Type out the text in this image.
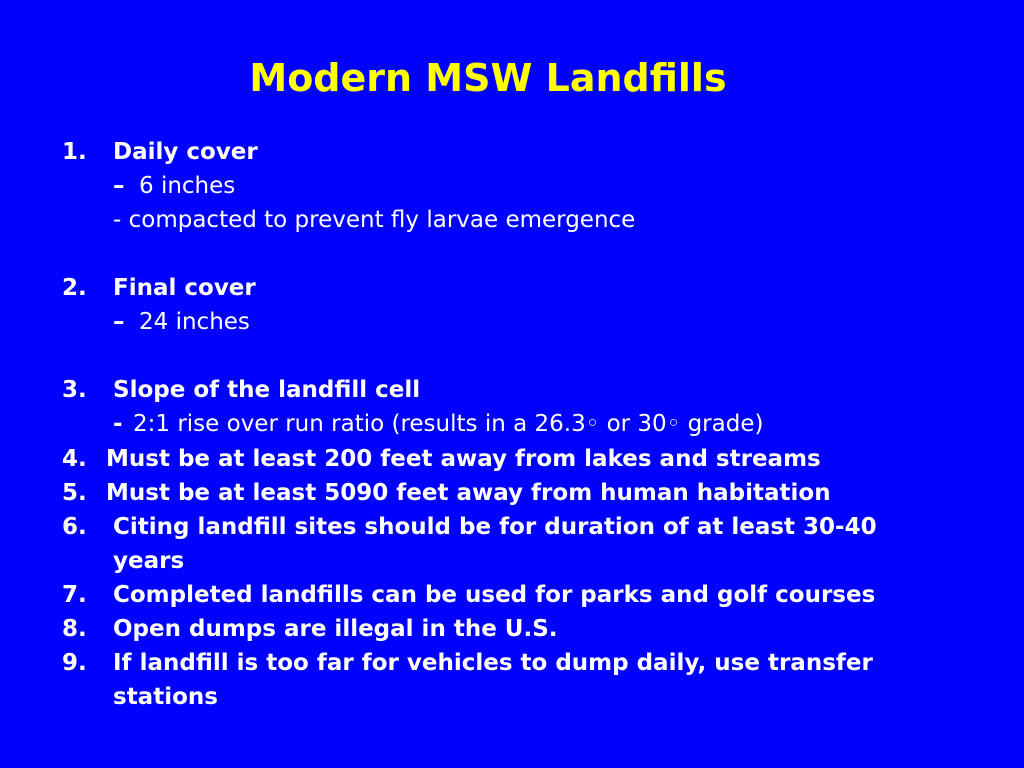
Modern MSW Landfills
1. Daily cover
– 6 inches
- compacted to prevent fly larvae emergence
2. Final cover
– 24 inches
3. Slope of the landfill cell
- 2:1 rise over run ratio (results in a 26.3◦ or 30◦ grade)
4. Must be at least 200 feet away from lakes and streams
5. Must be at least 5090 feet away from human habitation
6. Citing landfill sites should be for duration of at least 30-40
years
7. Completed landfills can be used for parks and golf courses
8. Open dumps are illegal in the U.S.
9. If landfill is too far for vehicles to dump daily, use transfer
stations
